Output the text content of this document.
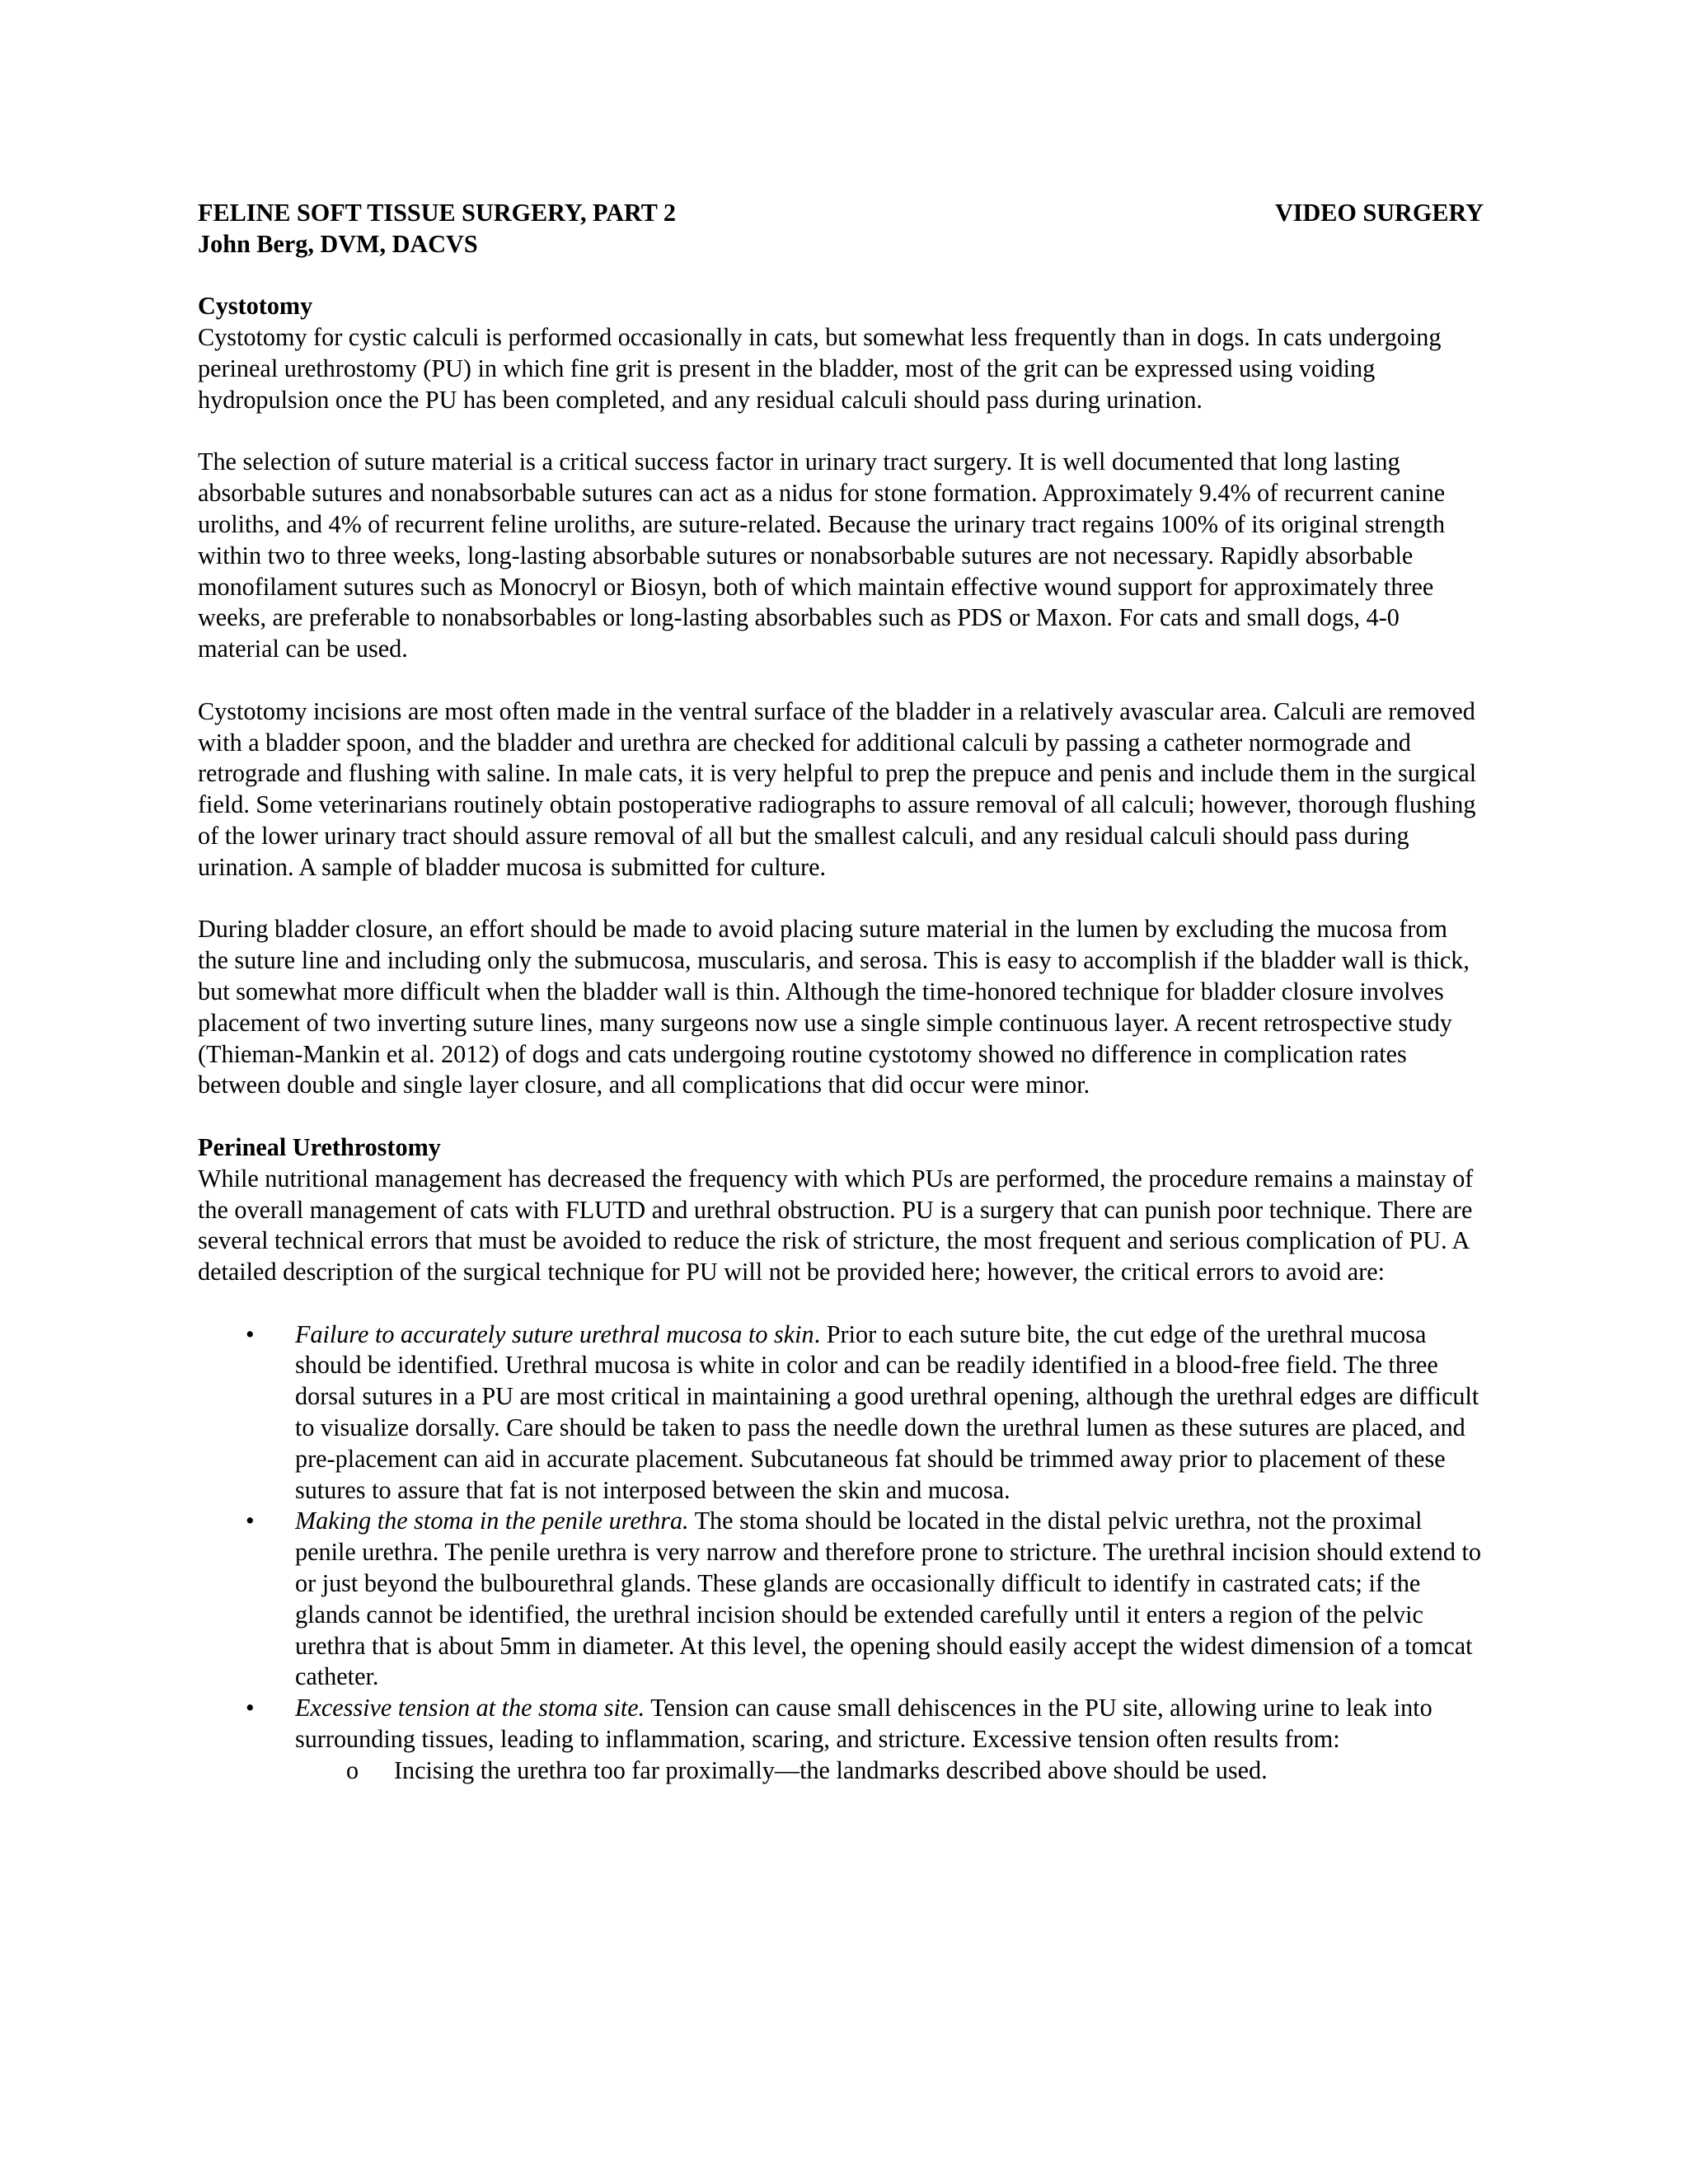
FELINE SOFT TISSUE SURGERY, PART 2	VIDEO SURGERY
John Berg, DVM, DACVS
Cystotomy

Cystotomy for cystic calculi is performed occasionally in cats, but somewhat less frequently than in dogs. In cats undergoing perineal urethrostomy (PU) in which fine grit is present in the bladder, most of the grit can be expressed using voiding hydropulsion once the PU has been completed, and any residual calculi should pass during urination.

The selection of suture material is a critical success factor in urinary tract surgery. It is well documented that long lasting absorbable sutures and nonabsorbable sutures can act as a nidus for stone formation. Approximately 9.4% of recurrent canine uroliths, and 4% of recurrent feline uroliths, are suture-related. Because the urinary tract regains 100% of its original strength within two to three weeks, long-lasting absorbable sutures or nonabsorbable sutures are not necessary. Rapidly absorbable monofilament sutures such as Monocryl or Biosyn, both of which maintain effective wound support for approximately three weeks, are preferable to nonabsorbables or long-lasting absorbables such as PDS or Maxon. For cats and small dogs, 4-0 material can be used.

Cystotomy incisions are most often made in the ventral surface of the bladder in a relatively avascular area. Calculi are removed with a bladder spoon, and the bladder and urethra are checked for additional calculi by passing a catheter normograde and retrograde and flushing with saline. In male cats, it is very helpful to prep the prepuce and penis and include them in the surgical field. Some veterinarians routinely obtain postoperative radiographs to assure removal of all calculi; however, thorough flushing of the lower urinary tract should assure removal of all but the smallest calculi, and any residual calculi should pass during urination. A sample of bladder mucosa is submitted for culture.

During bladder closure, an effort should be made to avoid placing suture material in the lumen by excluding the mucosa from the suture line and including only the submucosa, muscularis, and serosa. This is easy to accomplish if the bladder wall is thick, but somewhat more difficult when the bladder wall is thin. Although the time-honored technique for bladder closure involves placement of two inverting suture lines, many surgeons now use a single simple continuous layer. A recent retrospective study (Thieman-Mankin et al. 2012) of dogs and cats undergoing routine cystotomy showed no difference in complication rates between double and single layer closure, and all complications that did occur were minor.

Perineal Urethrostomy

While nutritional management has decreased the frequency with which PUs are performed, the procedure remains a mainstay of the overall management of cats with FLUTD and urethral obstruction. PU is a surgery that can punish poor technique. There are several technical errors that must be avoided to reduce the risk of stricture, the most frequent and serious complication of PU. A detailed description of the surgical technique for PU will not be provided here; however, the critical errors to avoid are:

• Failure to accurately suture urethral mucosa to skin. Prior to each suture bite, the cut edge of the urethral mucosa should be identified. Urethral mucosa is white in color and can be readily identified in a blood-free field. The three dorsal sutures in a PU are most critical in maintaining a good urethral opening, although the urethral edges are difficult to visualize dorsally. Care should be taken to pass the needle down the urethral lumen as these sutures are placed, and pre-placement can aid in accurate placement. Subcutaneous fat should be trimmed away prior to placement of these sutures to assure that fat is not interposed between the skin and mucosa.
• Making the stoma in the penile urethra. The stoma should be located in the distal pelvic urethra, not the proximal penile urethra. The penile urethra is very narrow and therefore prone to stricture. The urethral incision should extend to or just beyond the bulbourethral glands. These glands are occasionally difficult to identify in castrated cats; if the glands cannot be identified, the urethral incision should be extended carefully until it enters a region of the pelvic urethra that is about 5mm in diameter. At this level, the opening should easily accept the widest dimension of a tomcat catheter.
• Excessive tension at the stoma site. Tension can cause small dehiscences in the PU site, allowing urine to leak into surrounding tissues, leading to inflammation, scaring, and stricture. Excessive tension often results from:
o Incising the urethra too far proximally—the landmarks described above should be used.
